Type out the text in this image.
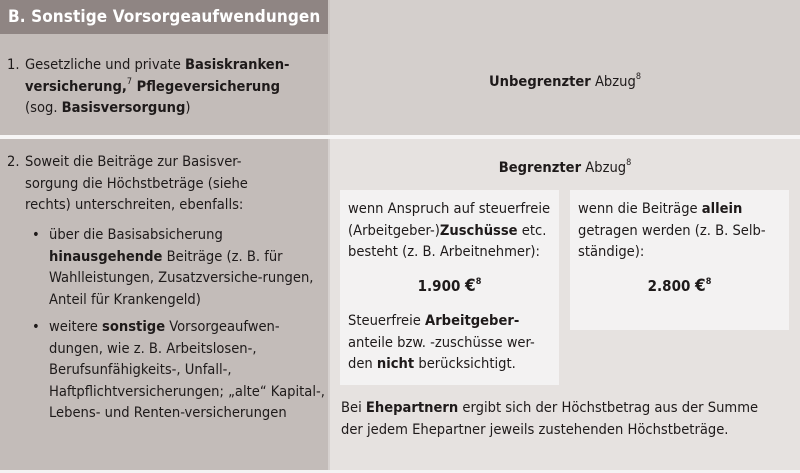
B. Sonstige Vorsorgeaufwendungen
1. Gesetzliche und private Basiskranken-
versicherung,$^7$ Pflegeversicherung
(sog. Basisversorgung)
Unbegrenzter Abzug$^8$
2. Soweit die Beiträge zur Basisver-
sorgung die Höchstbeträge (siehe
rechts) unterschreiten, ebenfalls:
• über die Basisabsicherung
hinausgehende Beiträge (z. B. für Wahlleistungen, Zusatzversiche-rungen, Anteil für Krankengeld)
• weitere sonstige Vorsorgeaufwen-dungen, wie z. B. Arbeitslosen-, Berufsunfähigkeits-, Unfall-, Haftpflichtversicherungen; „alte“ Kapital-, Lebens- und Renten-versicherungen
Begrenzter Abzug$^8$
wenn Anspruch auf steuerfreie
(Arbeitgeber-)Zuschüsse etc.
besteht (z. B. Arbeitnehmer):
1.900 €$^8$
Steuerfreie Arbeitgeber-
anteile bzw. -zuschüsse wer-
den nicht berücksichtigt.
wenn die Beiträge allein
getragen werden (z. B. Selb-
ständige):
2.800 €$^8$
Bei Ehepartnern ergibt sich der Höchstbetrag aus der Summe
der jedem Ehepartner jeweils zustehenden Höchstbeträge.
